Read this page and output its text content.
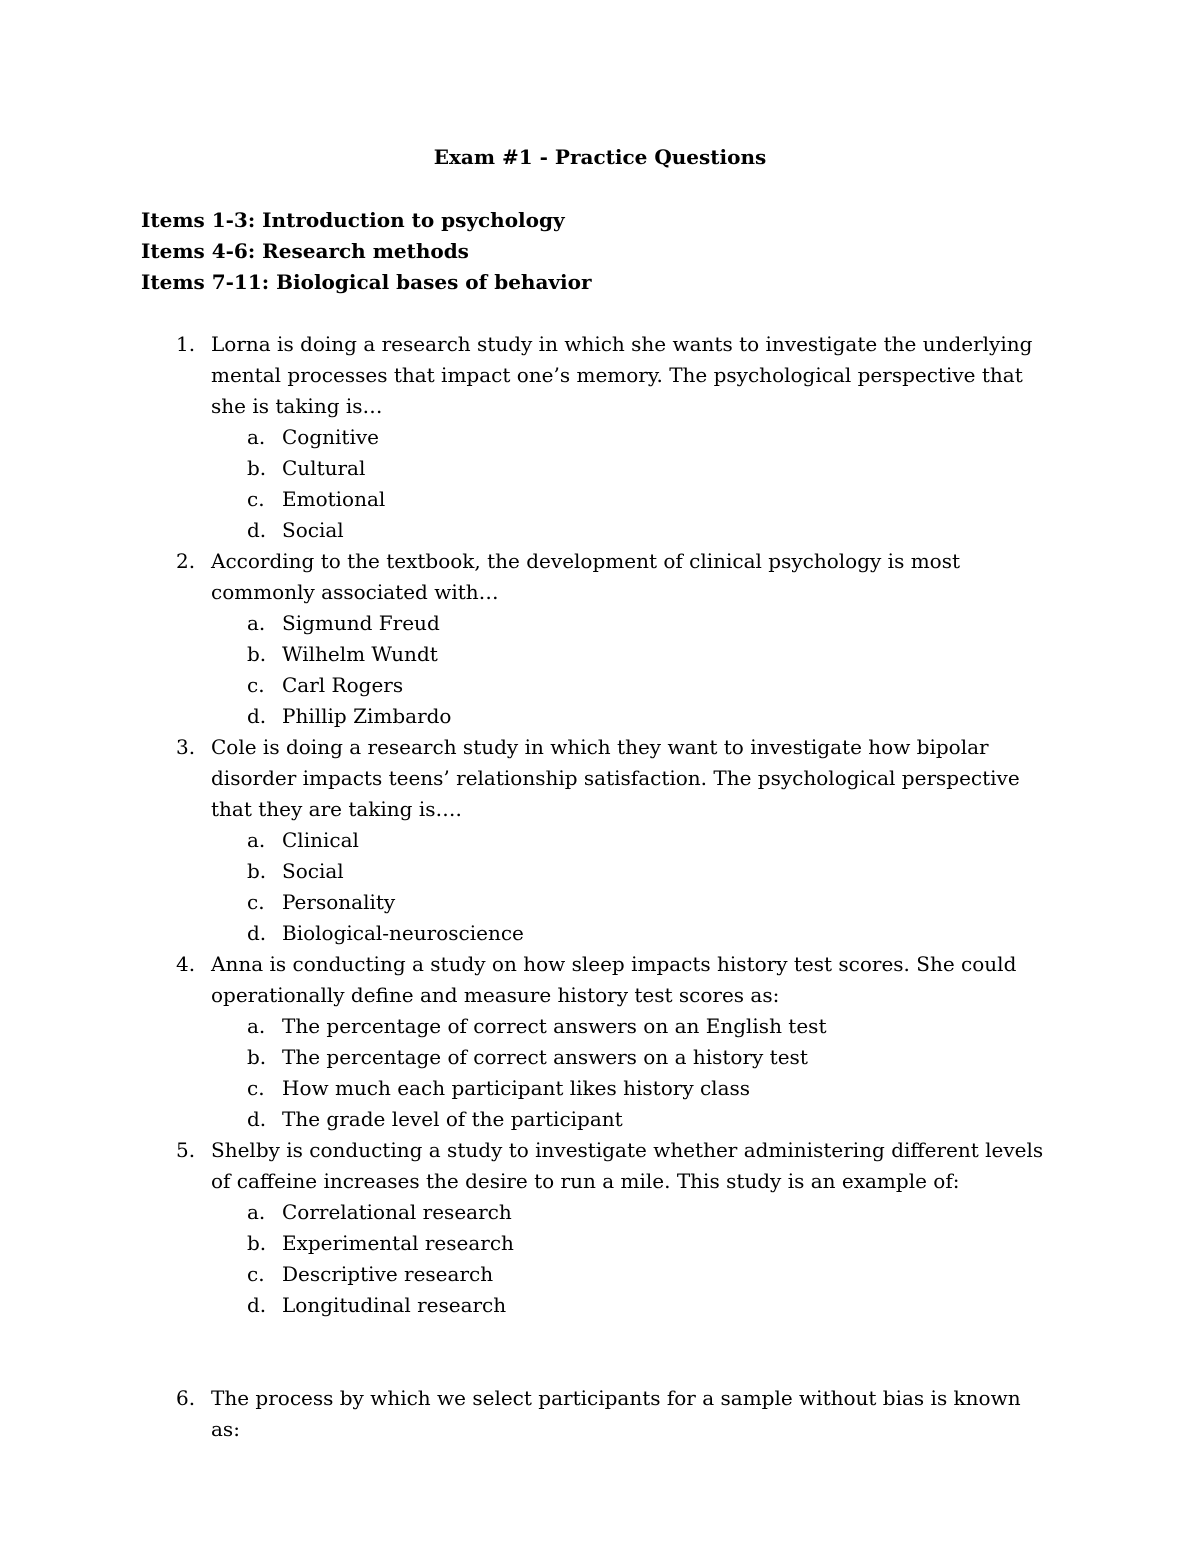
Exam #1 - Practice Questions
Items 1-3: Introduction to psychology
Items 4-6: Research methods
Items 7-11: Biological bases of behavior
1. Lorna is doing a research study in which she wants to investigate the underlying mental processes that impact one’s memory. The psychological perspective that she is taking is…
a. Cognitive
b. Cultural
c. Emotional
d. Social
2. According to the textbook, the development of clinical psychology is most commonly associated with…
a. Sigmund Freud
b. Wilhelm Wundt
c. Carl Rogers
d. Phillip Zimbardo
3. Cole is doing a research study in which they want to investigate how bipolar disorder impacts teens’ relationship satisfaction. The psychological perspective that they are taking is….
a. Clinical
b. Social
c. Personality
d. Biological-neuroscience
4. Anna is conducting a study on how sleep impacts history test scores. She could operationally define and measure history test scores as:
a. The percentage of correct answers on an English test
b. The percentage of correct answers on a history test
c. How much each participant likes history class
d. The grade level of the participant
5. Shelby is conducting a study to investigate whether administering different levels of caffeine increases the desire to run a mile. This study is an example of:
a. Correlational research
b. Experimental research
c. Descriptive research
d. Longitudinal research
6. The process by which we select participants for a sample without bias is known as:
